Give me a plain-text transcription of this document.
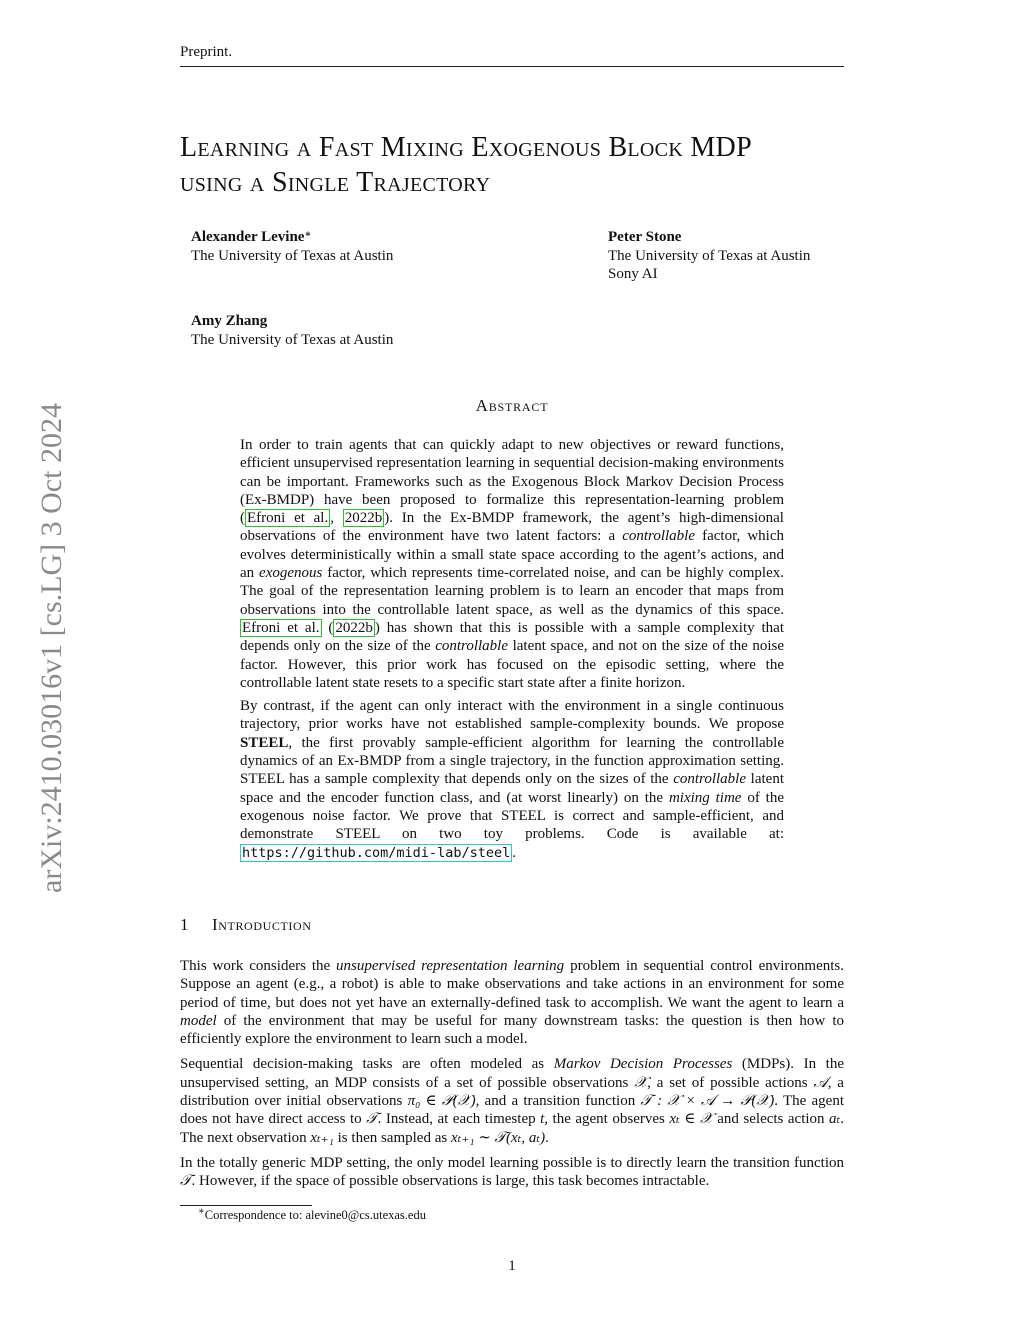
Preprint.
arXiv:2410.03016v1 [cs.LG] 3 Oct 2024
Learning a Fast Mixing Exogenous Block MDP
using a Single Trajectory
Alexander Levine∗
The University of Texas at Austin
Peter Stone
The University of Texas at Austin
Sony AI
Amy Zhang
The University of Texas at Austin
Abstract

In order to train agents that can quickly adapt to new objectives or reward functions, efficient unsupervised representation learning in sequential decision-making environments can be important. Frameworks such as the Exogenous Block Markov Decision Process (Ex-BMDP) have been proposed to formalize this representation-learning problem ( Efroni et al. , 2022b ). In the Ex-BMDP framework, the agent’s high-dimensional observations of the environment have two latent factors: a controllable factor, which evolves deterministically within a small state space according to the agent’s actions, and an exogenous factor, which represents time-correlated noise, and can be highly complex. The goal of the representation learning problem is to learn an encoder that maps from observations into the controllable latent space, as well as the dynamics of this space. Efroni et al. ( 2022b ) has shown that this is possible with a sample complexity that depends only on the size of the controllable latent space, and not on the size of the noise factor. However, this prior work has focused on the episodic setting, where the controllable latent state resets to a specific start state after a finite horizon.

By contrast, if the agent can only interact with the environment in a single continuous trajectory, prior works have not established sample-complexity bounds. We propose STEEL, the first provably sample-efficient algorithm for learning the controllable dynamics of an Ex-BMDP from a single trajectory, in the function approximation setting. STEEL has a sample complexity that depends only on the sizes of the controllable latent space and the encoder function class, and (at worst linearly) on the mixing time of the exogenous noise factor. We prove that STEEL is correct and sample-efficient, and demonstrate STEEL on two toy problems. Code is available at: https://github.com/midi-lab/steel .

1 Introduction

This work considers the unsupervised representation learning problem in sequential control environments. Suppose an agent (e.g., a robot) is able to make observations and take actions in an environment for some period of time, but does not yet have an externally-defined task to accomplish. We want the agent to learn a model of the environment that may be useful for many downstream tasks: the question is then how to efficiently explore the environment to learn such a model.

Sequential decision-making tasks are often modeled as Markov Decision Processes (MDPs). In the unsupervised setting, an MDP consists of a set of possible observations 𝒳, a set of possible actions 𝒜, a distribution over initial observations π₀ ∈ 𝒫(𝒳), and a transition function 𝒯 : 𝒳 × 𝒜 → 𝒫(𝒳). The agent does not have direct access to 𝒯. Instead, at each timestep t, the agent observes xₜ ∈ 𝒳 and selects action aₜ. The next observation xₜ₊₁ is then sampled as xₜ₊₁ ∼ 𝒯(xₜ, aₜ).

In the totally generic MDP setting, the only model learning possible is to directly learn the transition function 𝒯. However, if the space of possible observations is large, this task becomes intractable.

∗Correspondence to: alevine0@cs.utexas.edu
1
